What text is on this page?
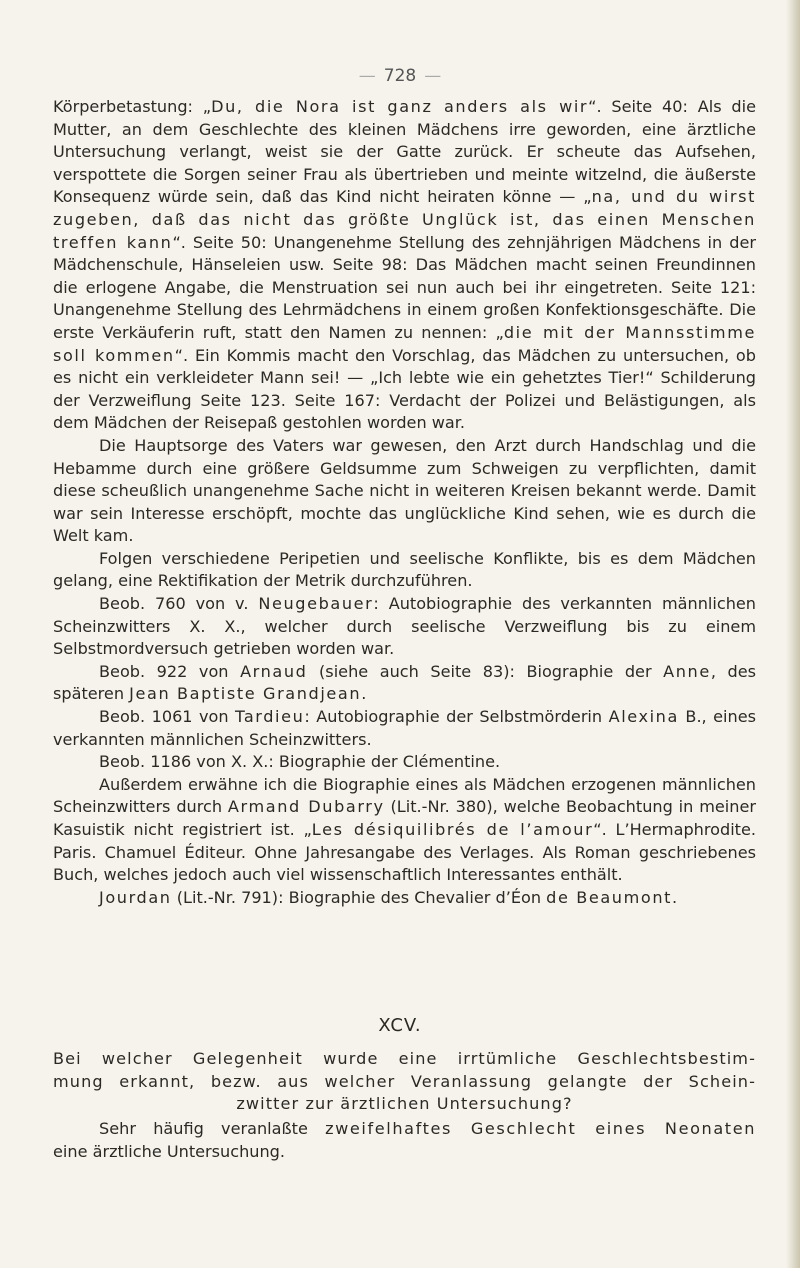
— 728 —

Körperbetastung: „Du, die Nora ist ganz anders als wir“. Seite 40: Als die Mutter, an dem Geschlechte des kleinen Mädchens irre geworden, eine ärztliche Untersuchung verlangt, weist sie der Gatte zurück. Er scheute das Aufsehen, verspottete die Sorgen seiner Frau als übertrieben und meinte witzelnd, die äußerste Konsequenz würde sein, daß das Kind nicht heiraten könne — „na, und du wirst zugeben, daß das nicht das größte Unglück ist, das einen Menschen treffen kann“. Seite 50: Unangenehme Stellung des zehnjährigen Mädchens in der Mädchenschule, Hänseleien usw. Seite 98: Das Mädchen macht seinen Freundinnen die erlogene Angabe, die Menstruation sei nun auch bei ihr eingetreten. Seite 121: Unangenehme Stellung des Lehrmädchens in einem großen Konfektionsgeschäfte. Die erste Verkäuferin ruft, statt den Namen zu nennen: „die mit der Mannsstimme soll kommen“. Ein Kommis macht den Vorschlag, das Mädchen zu untersuchen, ob es nicht ein verkleideter Mann sei! — „Ich lebte wie ein gehetztes Tier!“ Schilderung der Verzweiflung Seite 123. Seite 167: Verdacht der Polizei und Belästigungen, als dem Mädchen der Reisepaß gestohlen worden war.

Die Hauptsorge des Vaters war gewesen, den Arzt durch Handschlag und die Hebamme durch eine größere Geldsumme zum Schweigen zu verpflichten, damit diese scheußlich unangenehme Sache nicht in weiteren Kreisen bekannt werde. Damit war sein Interesse erschöpft, mochte das unglückliche Kind sehen, wie es durch die Welt kam.

Folgen verschiedene Peripetien und seelische Konflikte, bis es dem Mädchen gelang, eine Rektifikation der Metrik durchzuführen.

Beob. 760 von v. Neugebauer: Autobiographie des verkannten männlichen Scheinzwitters X. X., welcher durch seelische Verzweiflung bis zu einem Selbstmordversuch getrieben worden war.

Beob. 922 von Arnaud (siehe auch Seite 83): Biographie der Anne, des späteren Jean Baptiste Grandjean.

Beob. 1061 von Tardieu: Autobiographie der Selbstmörderin Alexina B., eines verkannten männlichen Scheinzwitters.

Beob. 1186 von X. X.: Biographie der Clémentine.

Außerdem erwähne ich die Biographie eines als Mädchen erzogenen männlichen Scheinzwitters durch Armand Dubarry (Lit.-Nr. 380), welche Beobachtung in meiner Kasuistik nicht registriert ist. „Les désiquilibrés de l’amour“. L’Hermaphrodite. Paris. Chamuel Éditeur. Ohne Jahresangabe des Verlages. Als Roman geschriebenes Buch, welches jedoch auch viel wissenschaftlich Interessantes enthält.

Jourdan (Lit.-Nr. 791): Biographie des Chevalier d’Éon de Beaumont.

XCV.
Bei welcher Gelegenheit wurde eine irrtümliche Geschlechtsbestim-
mung erkannt, bezw. aus welcher Veranlassung gelangte der Schein-
zwitter zur ärztlichen Untersuchung?
Sehr häufig veranlaßte zweifelhaftes Geschlecht eines Neonaten
eine ärztliche Untersuchung.
